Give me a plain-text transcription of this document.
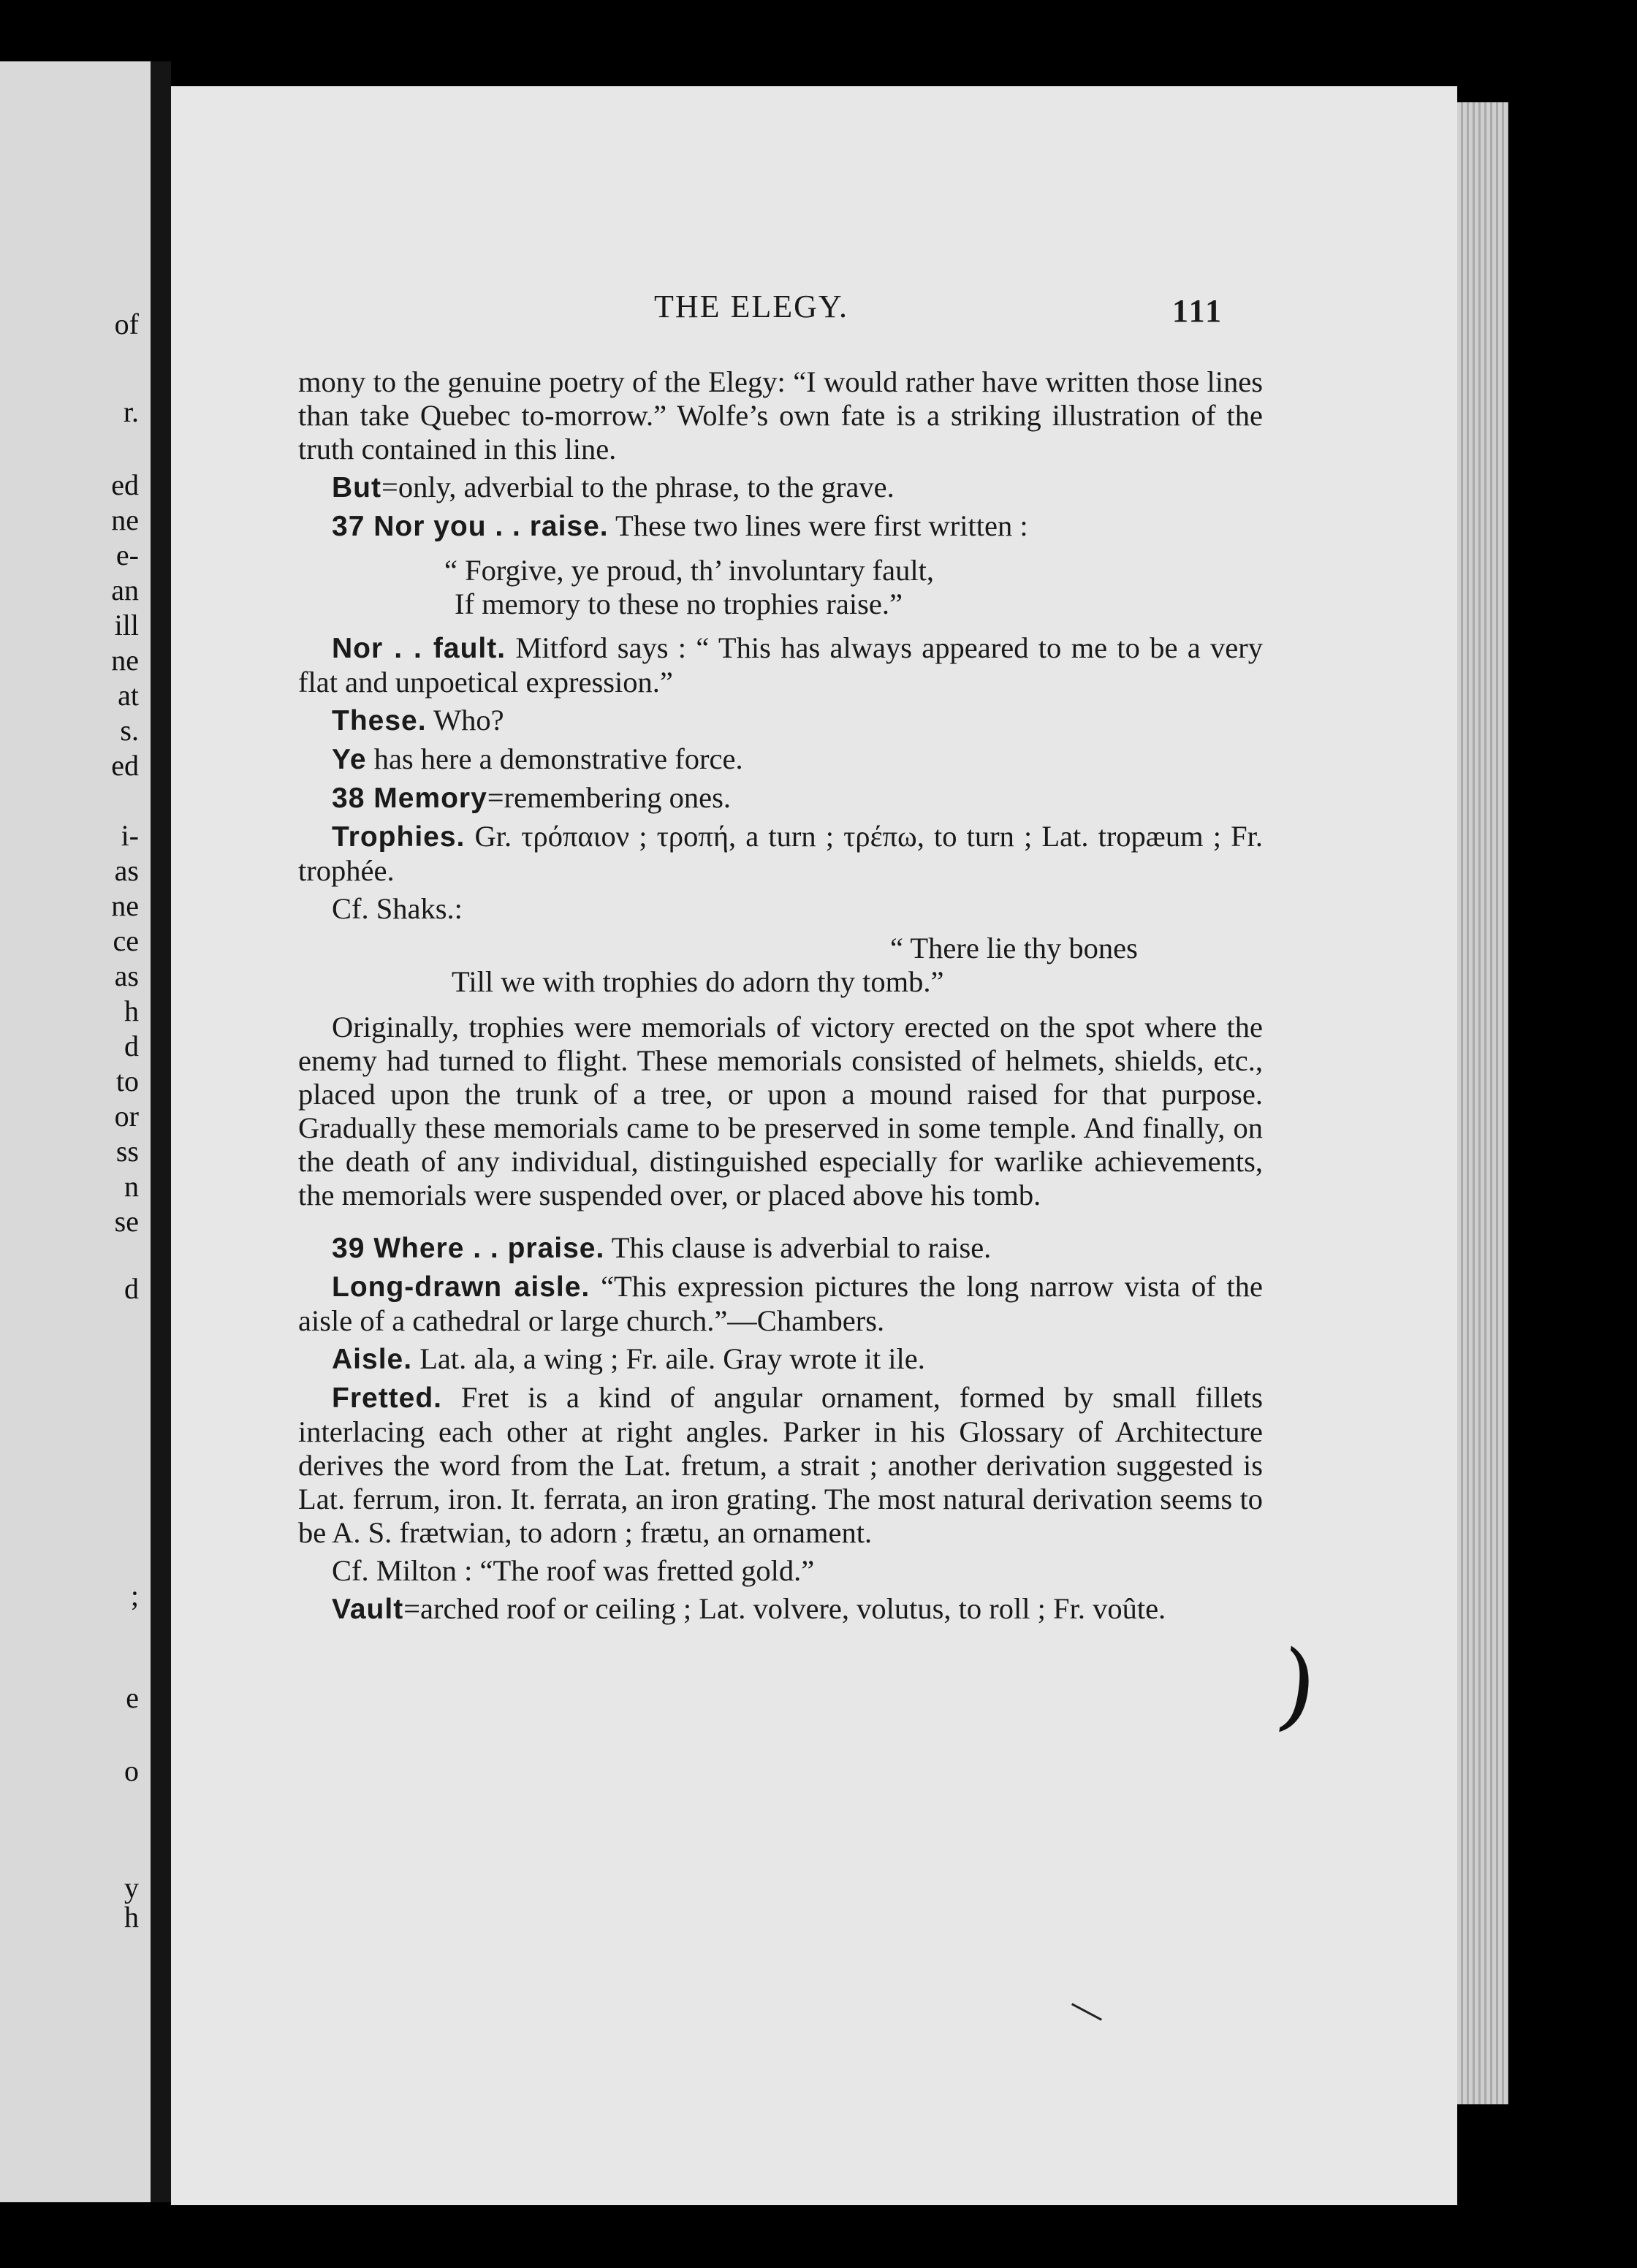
of
r.
ed
ne
e-
an
ill
ne
at
s.
ed
i-
as
ne
ce
as
h
d
to
or
ss
n
se
d
;
e
o
y
h
THE ELEGY.	111

mony to the genuine poetry of the Elegy: “I would rather have written those lines than take Quebec to-morrow.” Wolfe’s own fate is a striking illustration of the truth contained in this line.

But=only, adverbial to the phrase, to the grave.

37 Nor you . . raise. These two lines were first written :

“ Forgive, ye proud, th’ involuntary fault,
If memory to these no trophies raise.”

Nor . . fault. Mitford says : “ This has always appeared to me to be a very flat and unpoetical expression.”

These. Who?

Ye has here a demonstrative force.

38 Memory=remembering ones.

Trophies. Gr. τρόπαιον ; τροπή, a turn ; τρέπω, to turn ; Lat. tropæum ; Fr. trophée.

Cf. Shaks.:

“ There lie thy bones
Till we with trophies do adorn thy tomb.”

Originally, trophies were memorials of victory erected on the spot where the enemy had turned to flight. These memorials consisted of helmets, shields, etc., placed upon the trunk of a tree, or upon a mound raised for that purpose. Gradually these memorials came to be preserved in some temple. And finally, on the death of any individual, distinguished especially for warlike achievements, the memorials were suspended over, or placed above his tomb.

39 Where . . praise. This clause is adverbial to raise.

Long-drawn aisle. “This expression pictures the long narrow vista of the aisle of a cathedral or large church.”—Chambers.

Aisle. Lat. ala, a wing ; Fr. aile. Gray wrote it ile.

Fretted. Fret is a kind of angular ornament, formed by small fillets interlacing each other at right angles. Parker in his Glossary of Architecture derives the word from the Lat. fretum, a strait ; another derivation suggested is Lat. ferrum, iron. It. ferrata, an iron grating. The most natural derivation seems to be A. S. frætwian, to adorn ; frætu, an ornament.

Cf. Milton : “The roof was fretted gold.”

Vault=arched roof or ceiling ; Lat. volvere, volutus, to roll ; Fr. voûte.

)
